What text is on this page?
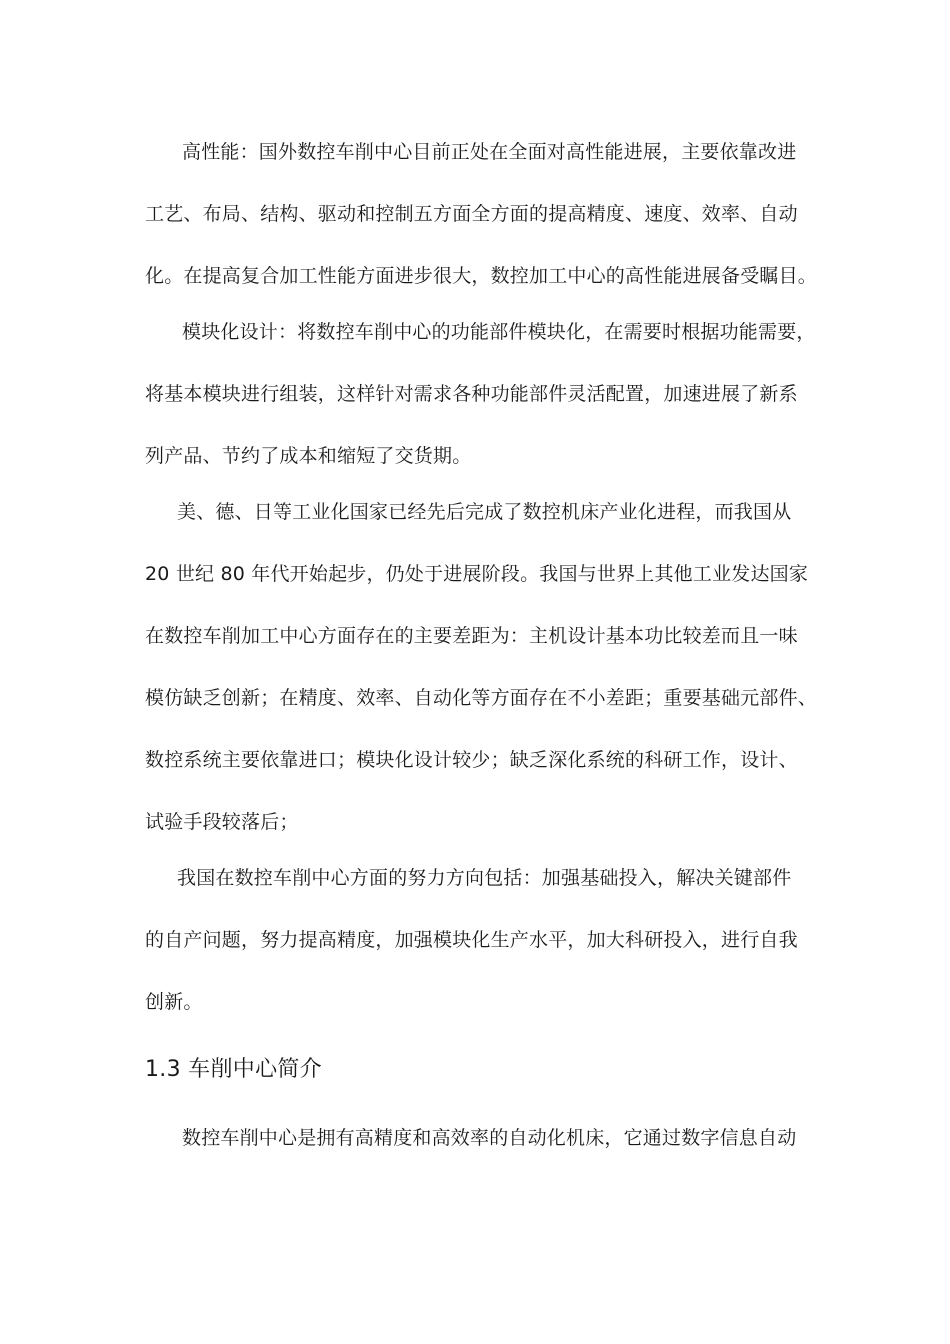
高性能：国外数控车削中心目前正处在全面对高性能进展，主要依靠改进
工艺、布局、结构、驱动和控制五方面全方面的提高精度、速度、效率、自动
化。在提高复合加工性能方面进步很大，数控加工中心的高性能进展备受瞩目。
模块化设计：将数控车削中心的功能部件模块化，在需要时根据功能需要，
将基本模块进行组装，这样针对需求各种功能部件灵活配置，加速进展了新系
列产品、节约了成本和缩短了交货期。
美、德、日等工业化国家已经先后完成了数控机床产业化进程，而我国从
20 世纪 80 年代开始起步，仍处于进展阶段。我国与世界上其他工业发达国家
在数控车削加工中心方面存在的主要差距为：主机设计基本功比较差而且一味
模仿缺乏创新；在精度、效率、自动化等方面存在不小差距；重要基础元部件、
数控系统主要依靠进口；模块化设计较少；缺乏深化系统的科研工作，设计、
试验手段较落后；
我国在数控车削中心方面的努力方向包括：加强基础投入，解决关键部件
的自产问题，努力提高精度，加强模块化生产水平，加大科研投入，进行自我
创新。
1.3 车削中心简介
数控车削中心是拥有高精度和高效率的自动化机床，它通过数字信息自动
